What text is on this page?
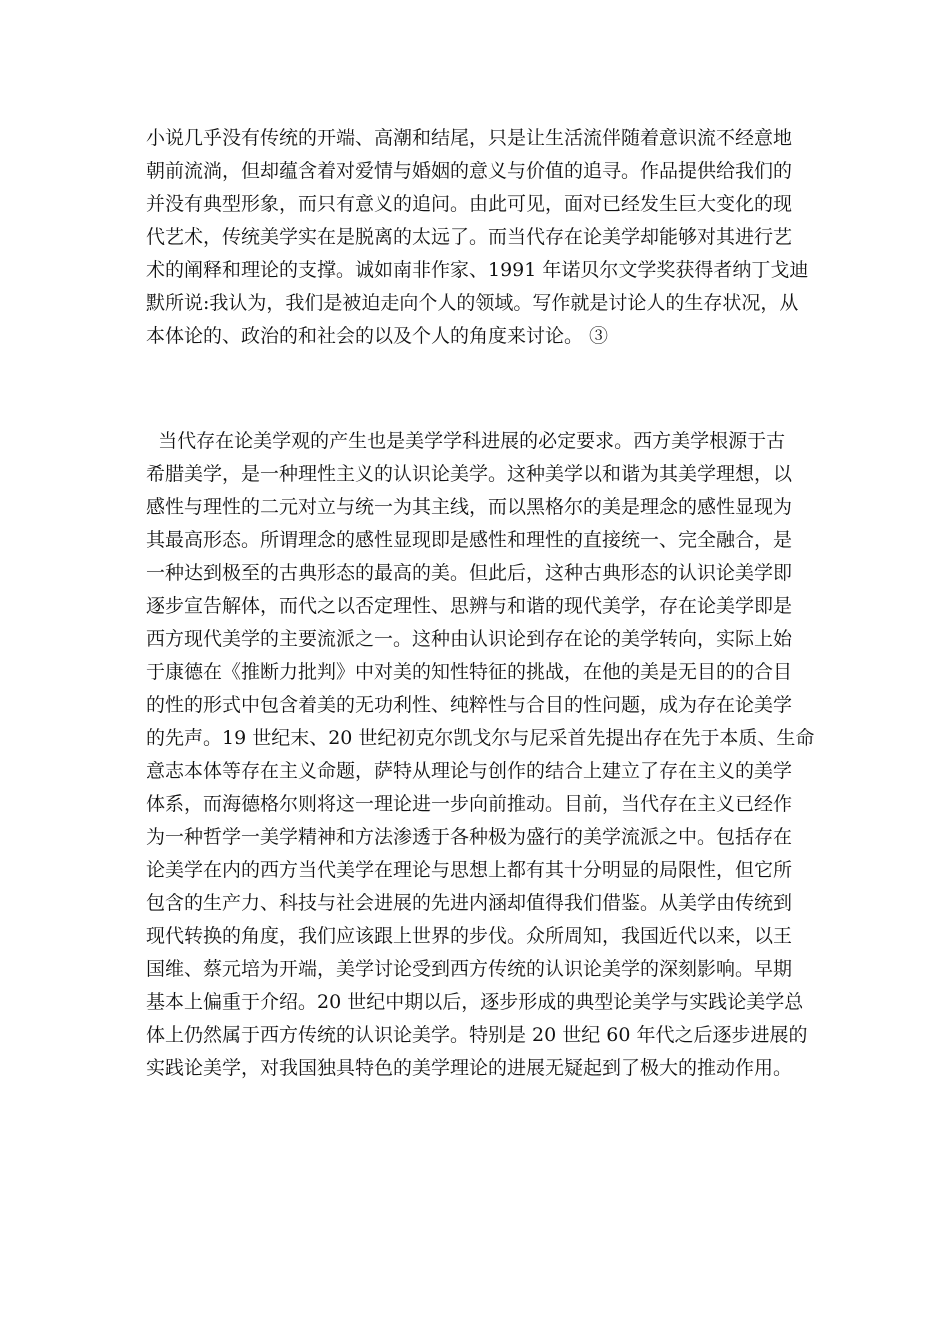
小说几乎没有传统的开端、高潮和结尾，只是让生活流伴随着意识流不经意地
朝前流淌，但却蕴含着对爱情与婚姻的意义与价值的追寻。作品提供给我们的
并没有典型形象，而只有意义的追问。由此可见，面对已经发生巨大变化的现
代艺术，传统美学实在是脱离的太远了。而当代存在论美学却能够对其进行艺
术的阐释和理论的支撑。诚如南非作家、1991 年诺贝尔文学奖获得者纳丁戈迪
默所说:我认为，我们是被迫走向个人的领域。写作就是讨论人的生存状况，从
本体论的、政治的和社会的以及个人的角度来讨论。 ③
当代存在论美学观的产生也是美学学科进展的必定要求。西方美学根源于古
希腊美学，是一种理性主义的认识论美学。这种美学以和谐为其美学理想，以
感性与理性的二元对立与统一为其主线，而以黑格尔的美是理念的感性显现为
其最高形态。所谓理念的感性显现即是感性和理性的直接统一、完全融合，是
一种达到极至的古典形态的最高的美。但此后，这种古典形态的认识论美学即
逐步宣告解体，而代之以否定理性、思辨与和谐的现代美学，存在论美学即是
西方现代美学的主要流派之一。这种由认识论到存在论的美学转向，实际上始
于康德在《推断力批判》中对美的知性特征的挑战，在他的美是无目的的合目
的性的形式中包含着美的无功利性、纯粹性与合目的性问题，成为存在论美学
的先声。19 世纪末、20 世纪初克尔凯戈尔与尼采首先提出存在先于本质、生命
意志本体等存在主义命题，萨特从理论与创作的结合上建立了存在主义的美学
体系，而海德格尔则将这一理论进一步向前推动。目前，当代存在主义已经作
为一种哲学一美学精神和方法渗透于各种极为盛行的美学流派之中。包括存在
论美学在内的西方当代美学在理论与思想上都有其十分明显的局限性，但它所
包含的生产力、科技与社会进展的先进内涵却值得我们借鉴。从美学由传统到
现代转换的角度，我们应该跟上世界的步伐。众所周知，我国近代以来，以王
国维、蔡元培为开端，美学讨论受到西方传统的认识论美学的深刻影响。早期
基本上偏重于介绍。20 世纪中期以后，逐步形成的典型论美学与实践论美学总
体上仍然属于西方传统的认识论美学。特别是 20 世纪 60 年代之后逐步进展的
实践论美学，对我国独具特色的美学理论的进展无疑起到了极大的推动作用。
